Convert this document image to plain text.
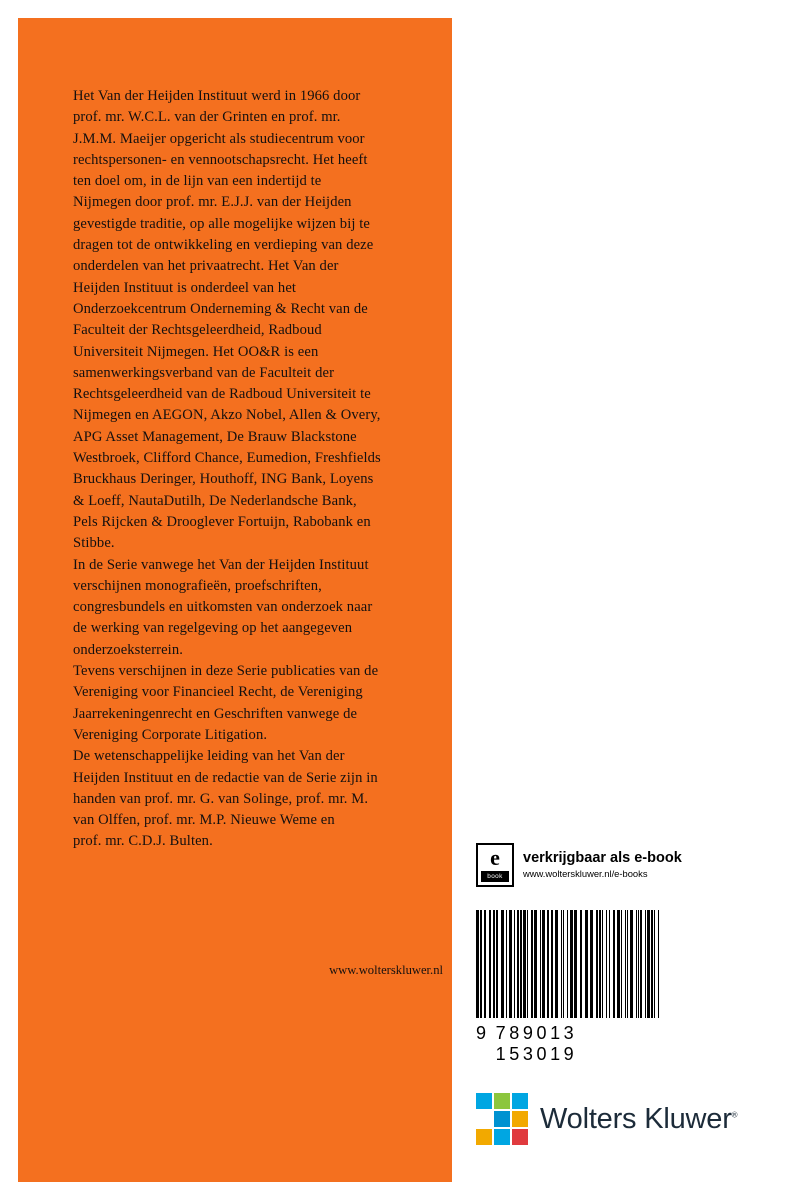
Het Van der Heijden Instituut werd in 1966 door prof. mr. W.C.L. van der Grinten en prof. mr. J.M.M. Maeijer opgericht als studiecentrum voor rechtspersonen- en vennootschapsrecht. Het heeft ten doel om, in de lijn van een indertijd te Nijmegen door prof. mr. E.J.J. van der Heijden gevestigde traditie, op alle mogelijke wijzen bij te dragen tot de ontwikkeling en verdieping van deze onderdelen van het privaatrecht. Het Van der Heijden Instituut is onderdeel van het Onderzoekcentrum Onderneming & Recht van de Faculteit der Rechtsgeleerdheid, Radboud Universiteit Nijmegen. Het OO&R is een samenwerkingsverband van de Faculteit der Rechtsgeleerdheid van de Radboud Universiteit te Nijmegen en AEGON, Akzo Nobel, Allen & Overy, APG Asset Management, De Brauw Blackstone Westbroek, Clifford Chance, Eumedion, Freshfields Bruckhaus Deringer, Houthoff, ING Bank, Loyens & Loeff, NautaDutilh, De Nederlandsche Bank, Pels Rijcken & Drooglever Fortuijn, Rabobank en Stibbe.

In de Serie vanwege het Van der Heijden Instituut verschijnen monografieën, proefschriften, congresbundels en uitkomsten van onderzoek naar de werking van regelgeving op het aangegeven onderzoeksterrein.

Tevens verschijnen in deze Serie publicaties van de Vereniging voor Financieel Recht, de Vereniging Jaarrekeningenrecht en Geschriften vanwege de Vereniging Corporate Litigation.

De wetenschappelijke leiding van het Van der Heijden Instituut en de redactie van de Serie zijn in handen van prof. mr. G. van Solinge, prof. mr. M. van Olffen, prof. mr. M.P. Nieuwe Weme en

prof. mr. C.D.J. Bulten.

www.wolterskluwer.nl
e
book
verkrijgbaar als e-book
www.wolterskluwer.nl/e-books
9 789013 153019
Wolters Kluwer®
